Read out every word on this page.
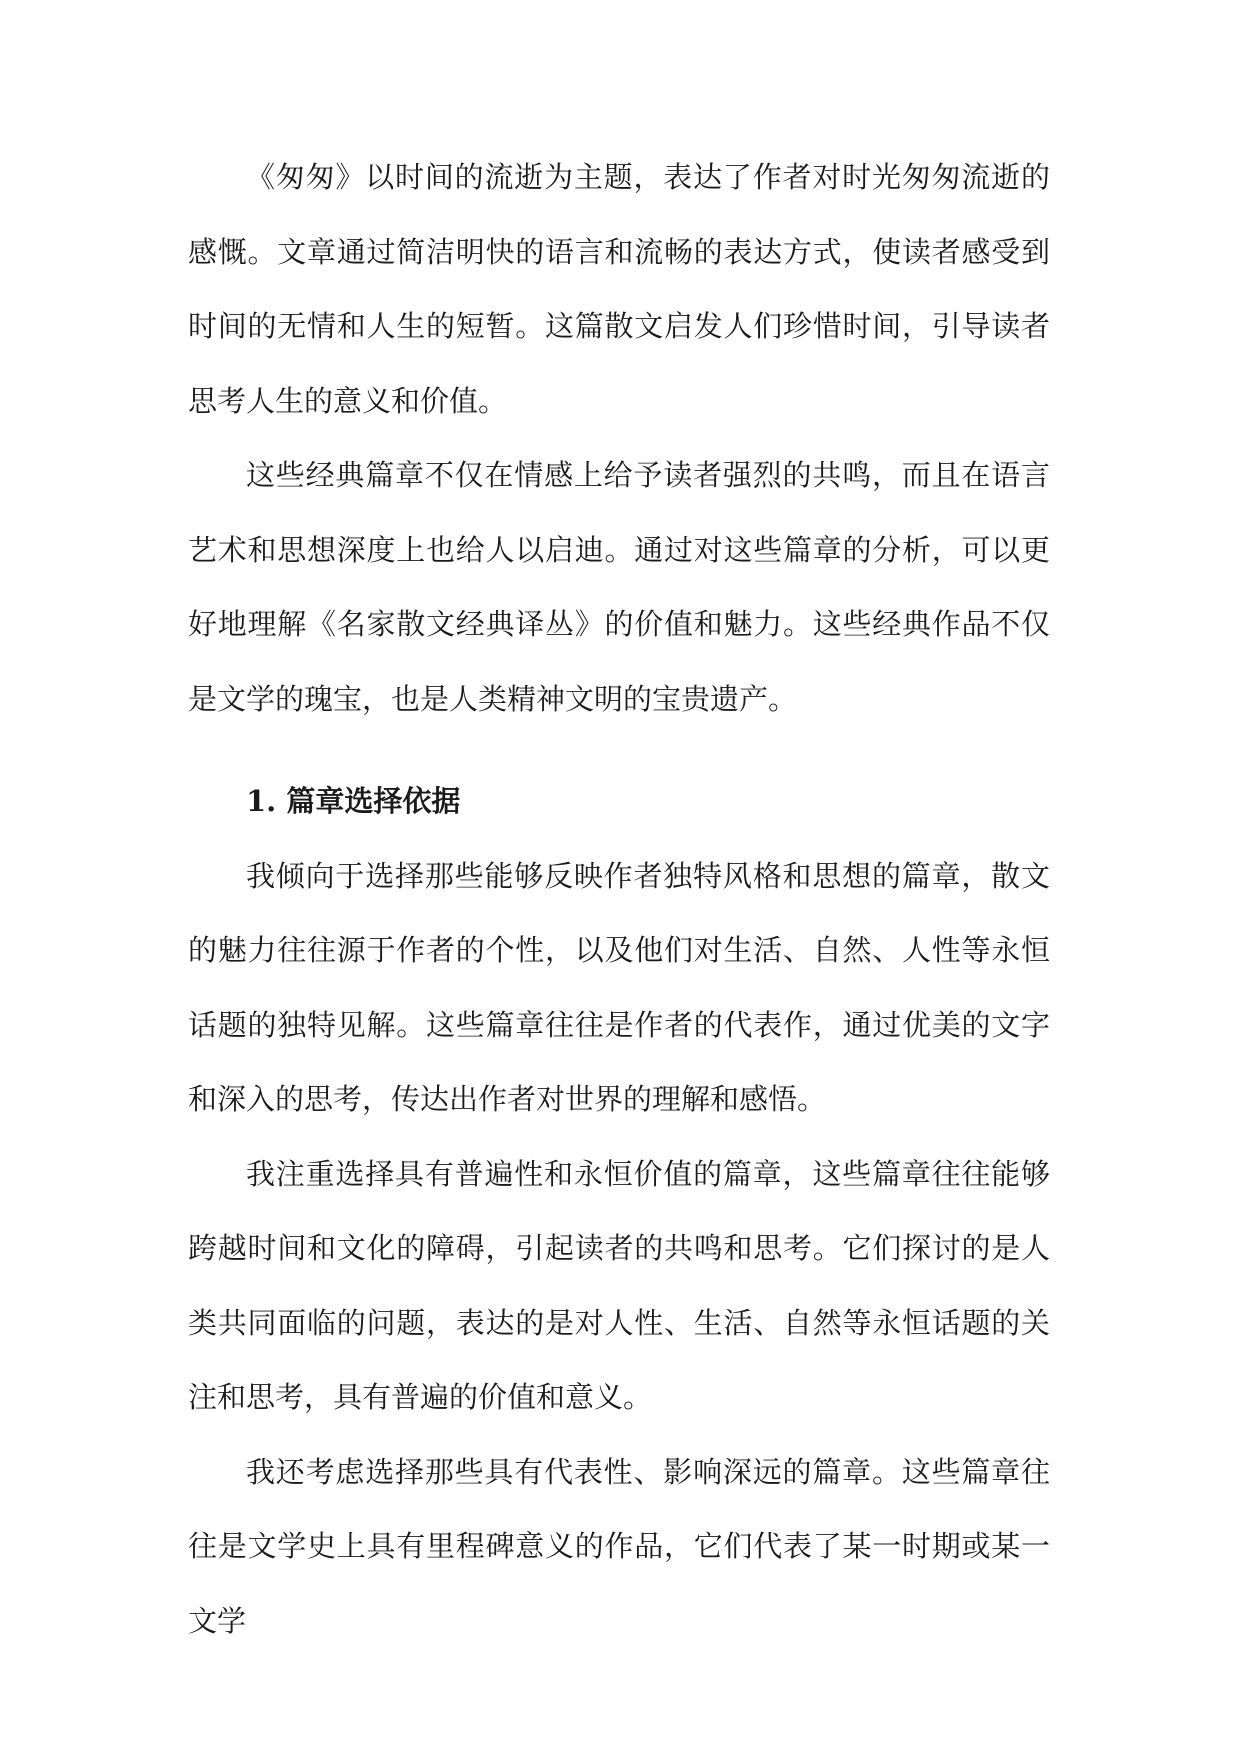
《匆匆》以时间的流逝为主题，表达了作者对时光匆匆流逝的感慨。文章通过简洁明快的语言和流畅的表达方式，使读者感受到时间的无情和人生的短暂。这篇散文启发人们珍惜时间，引导读者思考人生的意义和价值。

这些经典篇章不仅在情感上给予读者强烈的共鸣，而且在语言艺术和思想深度上也给人以启迪。通过对这些篇章的分析，可以更好地理解《名家散文经典译丛》的价值和魅力。这些经典作品不仅是文学的瑰宝，也是人类精神文明的宝贵遗产。

1. 篇章选择依据

我倾向于选择那些能够反映作者独特风格和思想的篇章，散文的魅力往往源于作者的个性，以及他们对生活、自然、人性等永恒话题的独特见解。这些篇章往往是作者的代表作，通过优美的文字和深入的思考，传达出作者对世界的理解和感悟。

我注重选择具有普遍性和永恒价值的篇章，这些篇章往往能够跨越时间和文化的障碍，引起读者的共鸣和思考。它们探讨的是人类共同面临的问题，表达的是对人性、生活、自然等永恒话题的关注和思考，具有普遍的价值和意义。

我还考虑选择那些具有代表性、影响深远的篇章。这些篇章往往是文学史上具有里程碑意义的作品，它们代表了某一时期或某一文学
